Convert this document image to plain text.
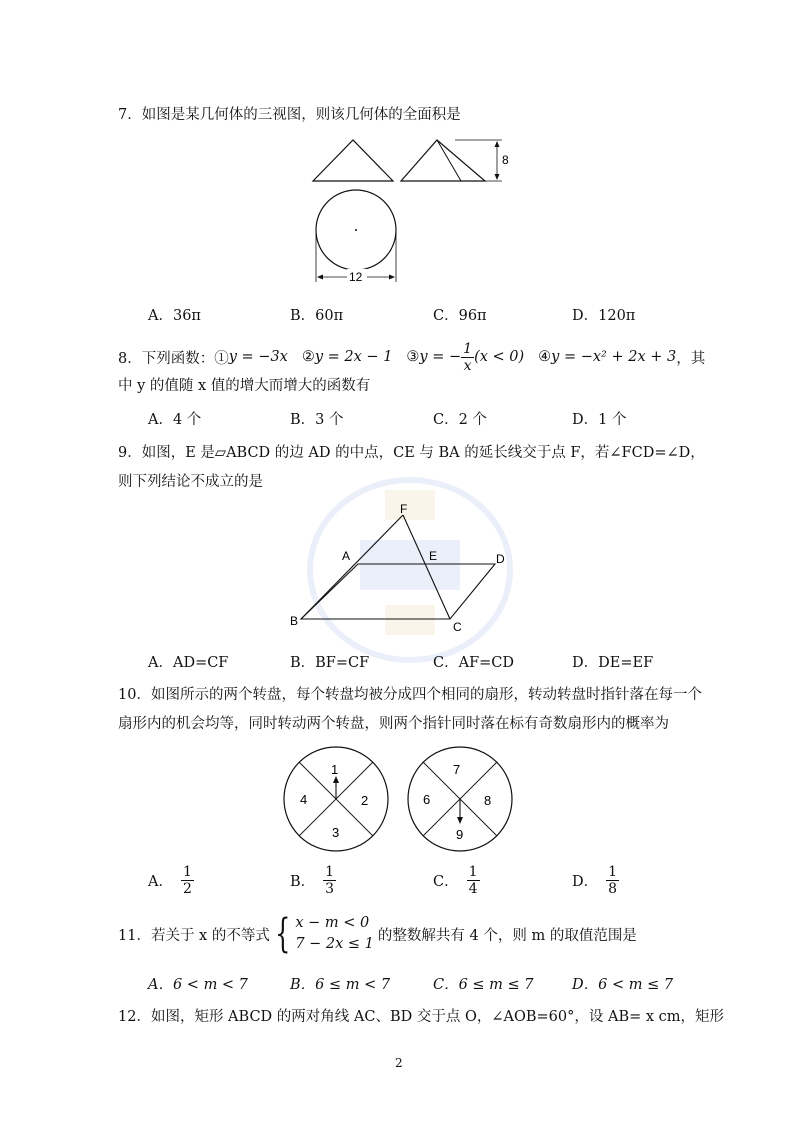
7．如图是某几何体的三视图，则该几何体的全面积是
8
12
A．36π	B．60π	C．96π	D．120π
8．下列函数：① y = −3x ② y = 2x − 1 ③ y = − $\frac{1}{x} (x < 0)$ ④ y = −x² + 2x + 3 ，其
中 y 的值随 x 值的增大而增大的函数有
A．4 个	B．3 个	C．2 个	D．1 个
9．如图，E 是▱ABCD 的边 AD 的中点，CE 与 BA 的延长线交于点 F，若∠FCD=∠D，
则下列结论不成立的是
A	E	D
F
B	C
A．AD=CF	B．BF=CF	C．AF=CD	D．DE=EF
10．如图所示的两个转盘，每个转盘均被分成四个相同的扇形，转动转盘时指针落在每一个
扇形内的机会均等，同时转动两个转盘，则两个指针同时落在标有奇数扇形内的概率为
1
2
3
4
7
8
9
6
A． $\frac{1}{2}$	B． $\frac{1}{3}$	C． $\frac{1}{4}$	D． $\frac{1}{8}$
11．若关于 x 的不等式 { x − m < 0
7 − 2x ≤ 1
的整数解共有 4 个，则 m 的取值范围是
A．6 < m < 7	B．6 ≤ m < 7	C．6 ≤ m ≤ 7	D．6 < m ≤ 7
12．如图，矩形 ABCD 的两对角线 AC、BD 交于点 O，∠AOB=60°，设 AB= x cm，矩形
2
